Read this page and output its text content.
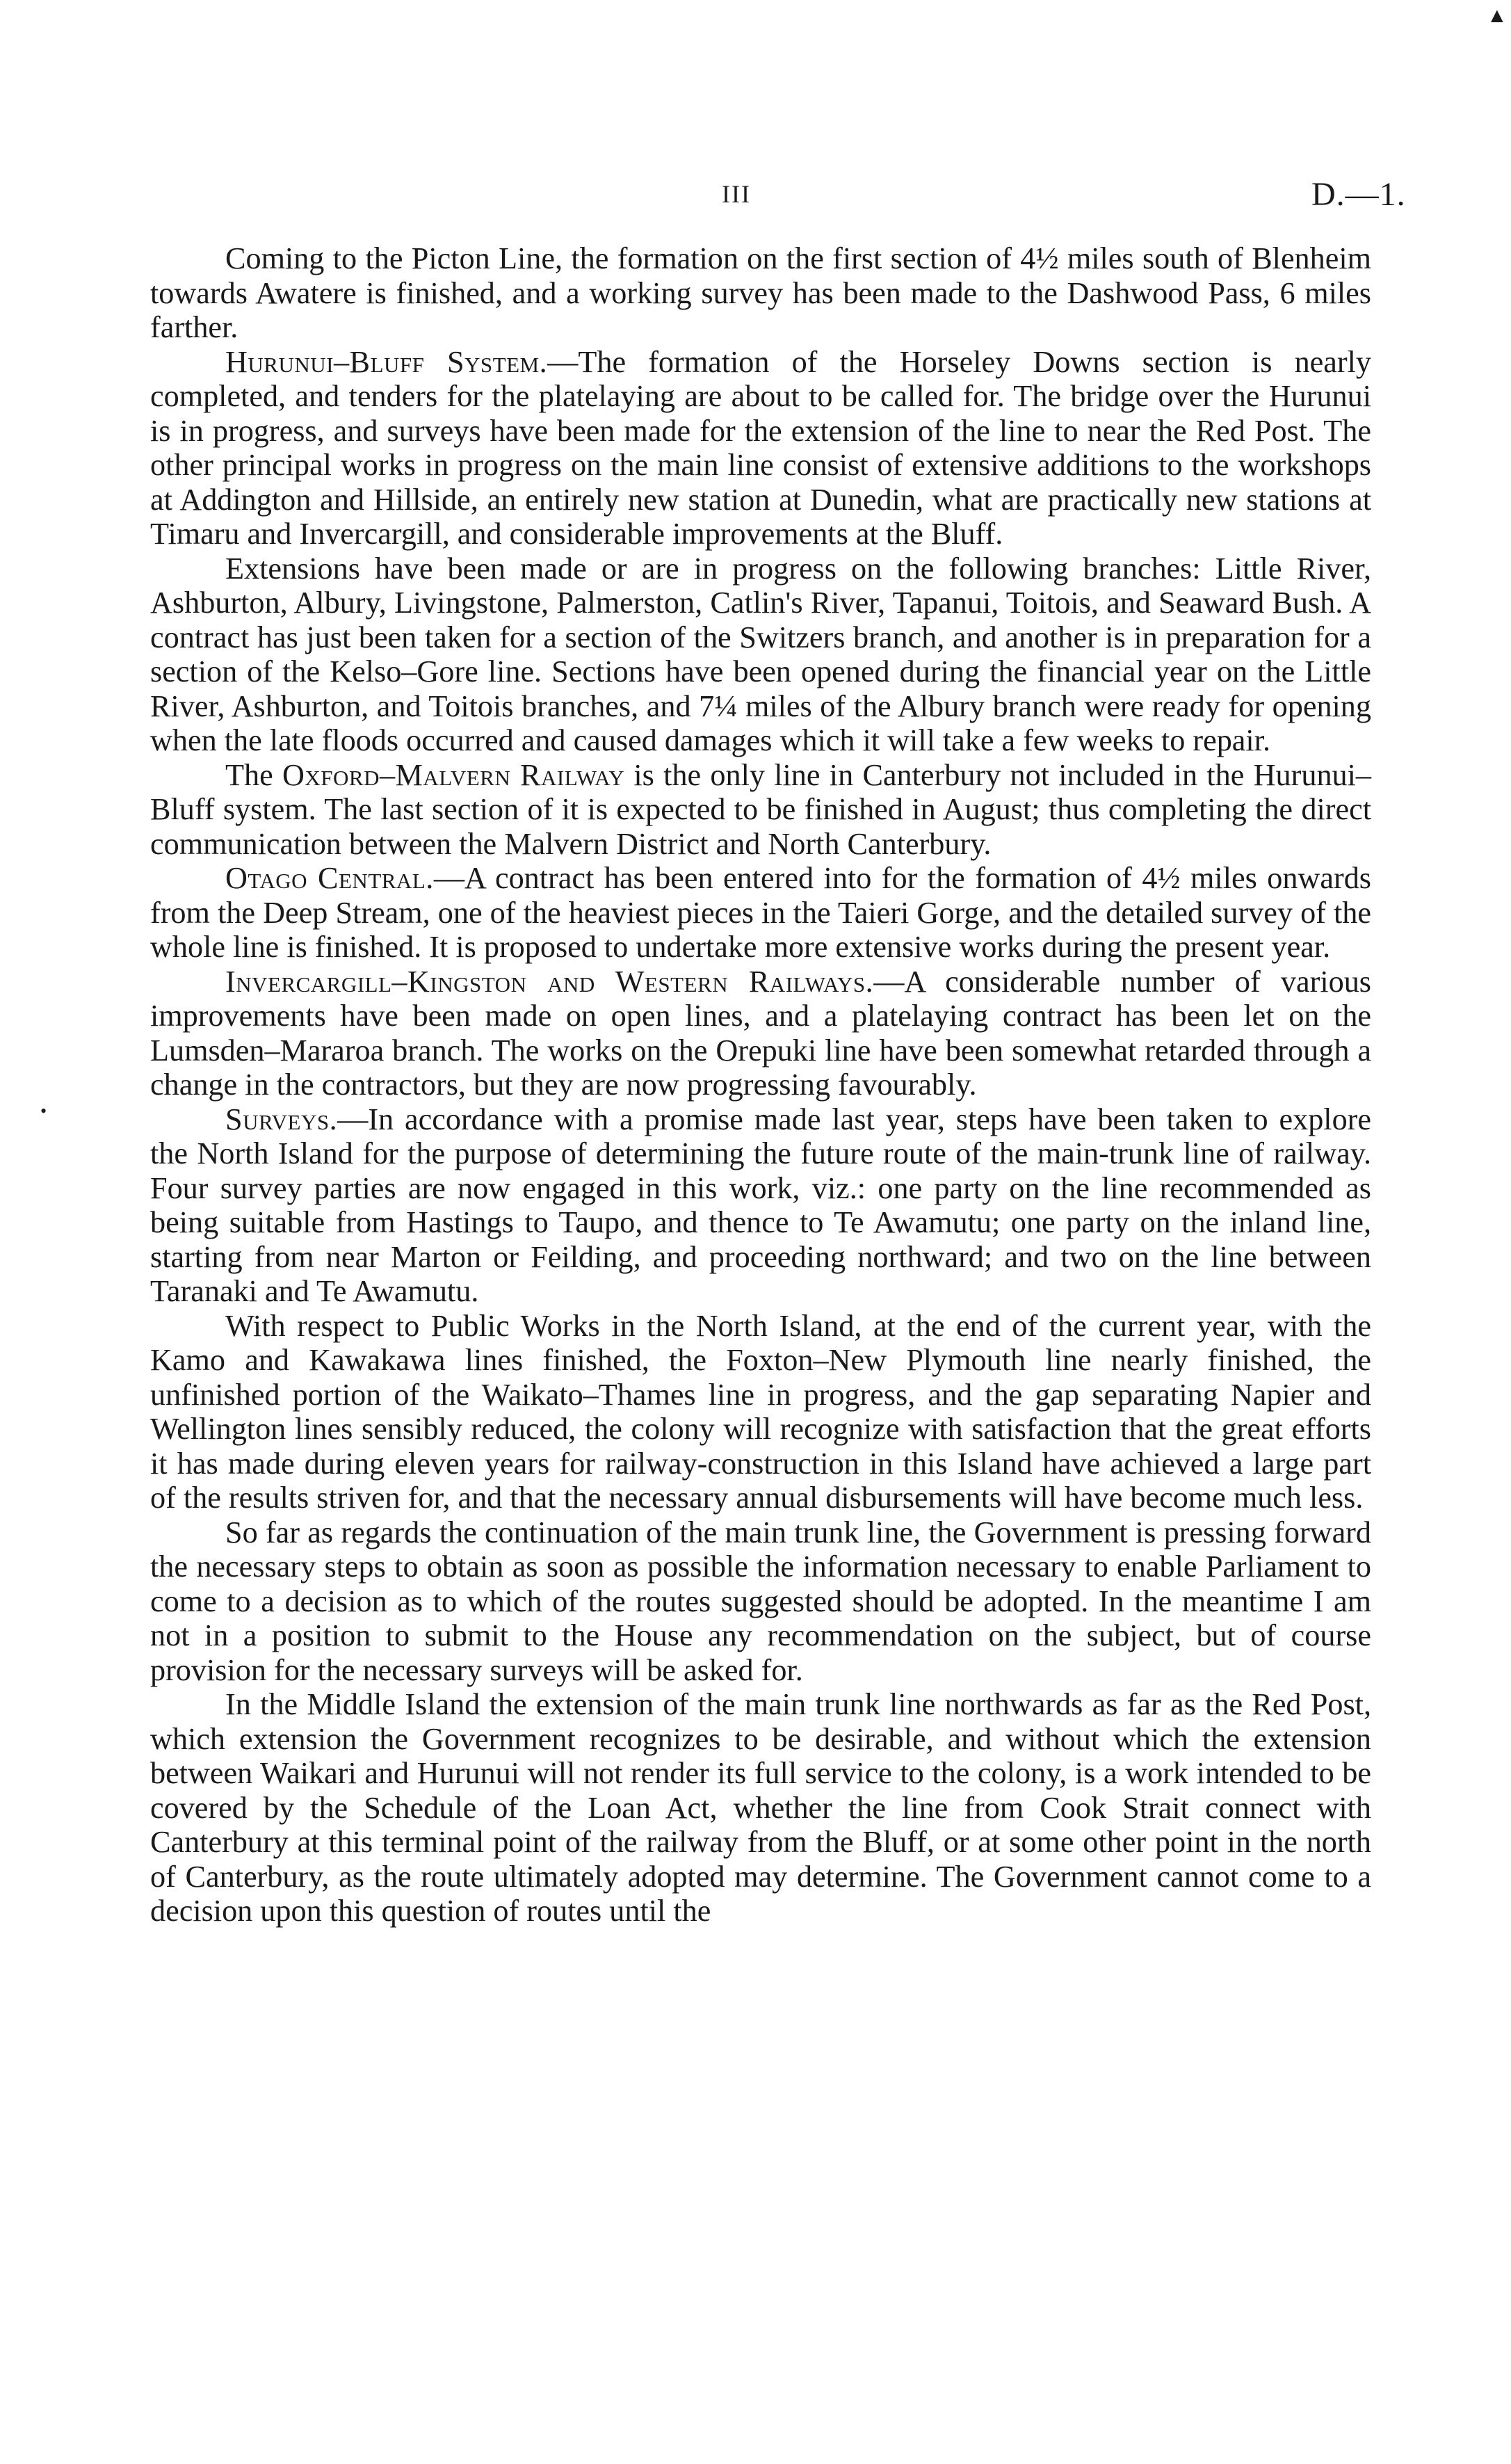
▲
III	D.—1.
•

Coming to the Picton Line, the formation on the first section of 4½ miles south of Blenheim towards Awatere is finished, and a working survey has been made to the Dashwood Pass, 6 miles farther.

Hurunui–Bluff System.—The formation of the Horseley Downs section is nearly completed, and tenders for the platelaying are about to be called for. The bridge over the Hurunui is in progress, and surveys have been made for the extension of the line to near the Red Post. The other principal works in progress on the main line consist of extensive additions to the workshops at Addington and Hillside, an entirely new station at Dunedin, what are practically new stations at Timaru and Invercargill, and considerable improvements at the Bluff.

Extensions have been made or are in progress on the following branches: Little River, Ashburton, Albury, Livingstone, Palmerston, Catlin's River, Tapanui, Toitois, and Seaward Bush. A contract has just been taken for a section of the Switzers branch, and another is in preparation for a section of the Kelso–Gore line. Sections have been opened during the financial year on the Little River, Ashburton, and Toitois branches, and 7¼ miles of the Albury branch were ready for opening when the late floods occurred and caused damages which it will take a few weeks to repair.

The Oxford–Malvern Railway is the only line in Canterbury not included in the Hurunui–Bluff system. The last section of it is expected to be finished in August; thus completing the direct communication between the Malvern District and North Canterbury.

Otago Central.—A contract has been entered into for the formation of 4½ miles onwards from the Deep Stream, one of the heaviest pieces in the Taieri Gorge, and the detailed survey of the whole line is finished. It is proposed to undertake more extensive works during the present year.

Invercargill–Kingston and Western Railways.—A considerable number of various improvements have been made on open lines, and a platelaying contract has been let on the Lumsden–Mararoa branch. The works on the Orepuki line have been somewhat retarded through a change in the contractors, but they are now progressing favourably.

Surveys.—In accordance with a promise made last year, steps have been taken to explore the North Island for the purpose of determining the future route of the main-trunk line of railway. Four survey parties are now engaged in this work, viz.: one party on the line recommended as being suitable from Hastings to Taupo, and thence to Te Awamutu; one party on the inland line, starting from near Marton or Feilding, and proceeding northward; and two on the line between Taranaki and Te Awamutu.

With respect to Public Works in the North Island, at the end of the current year, with the Kamo and Kawakawa lines finished, the Foxton–New Plymouth line nearly finished, the unfinished portion of the Waikato–Thames line in progress, and the gap separating Napier and Wellington lines sensibly reduced, the colony will recognize with satisfaction that the great efforts it has made during eleven years for railway-construction in this Island have achieved a large part of the results striven for, and that the necessary annual disbursements will have become much less.

So far as regards the continuation of the main trunk line, the Government is pressing forward the necessary steps to obtain as soon as possible the information necessary to enable Parliament to come to a decision as to which of the routes suggested should be adopted. In the meantime I am not in a position to submit to the House any recommendation on the subject, but of course provision for the necessary surveys will be asked for.

In the Middle Island the extension of the main trunk line northwards as far as the Red Post, which extension the Government recognizes to be desirable, and without which the extension between Waikari and Hurunui will not render its full service to the colony, is a work intended to be covered by the Schedule of the Loan Act, whether the line from Cook Strait connect with Canterbury at this terminal point of the railway from the Bluff, or at some other point in the north of Canterbury, as the route ultimately adopted may determine. The Government cannot come to a decision upon this question of routes until the
